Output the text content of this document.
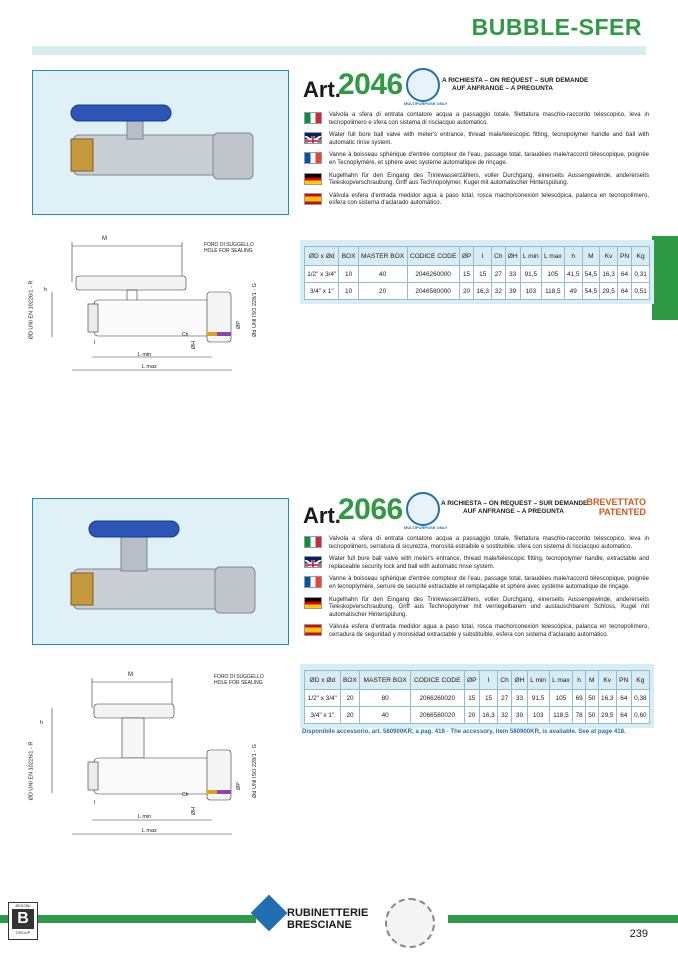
BUBBLE-SFER
Art.
2046
MULTIPURPOSE ONLY
A RICHIESTA – ON REQUEST – SUR DEMANDE
AUF ANFRANGE – A PREGUNTA
Valvola a sfera di entrata contatore acqua a passaggio totale, filettatura maschio-raccordo telescopico, leva in tecnopolimero e sfera con sistema di risciacquo automatico.
Water full bore ball valve with meter's entrance, thread male/telescopic fitting, tecnopolymer handle and ball with automatic rinse system.
Vanne à boisseau sphérique d'entrée compteur de l'eau, passage total, taraudées male/raccord télescopique, poignée en Tecnoplymère, et sphère avec système automatique de rinçage.
Kugelhahn für den Eingang des Trinkwasserzählers, voller Durchgang, einerseits Aussengewinde, andererseits Teleskopverschraubung, Griff aus Technopolymer, Kugel mit automatischer Hinterspülung.
Válvula esfera d'entrada medidor agua a paso total, rosca macho/conexión telescópica, palanca en tecnopolímero, esfera con sistema d'aclarado automático.
M
FORO DI SUGGELLO
HOLE FOR SEALING
h
ØD UNI EN 10226/1 - R	Ød UNI ISO 228/1 - G
ØP
ØH
Ch
I
L min
L max
ØD x Ød	BOX	MASTER BOX	CODICE CODE	ØP	I	Ch	ØH	L min	L max	h	M	Kv	PN	Kg
1/2" x 3/4"	10	40	2046260000	15	15	27	33	91,5	105	41,5	54,5	16,3	64	0,31
3/4" x 1"	10	20	2046580000	20	16,3	32	39	103	118,5	49	54,5	29,5	64	0,51
Art.
2066
MULTIPURPOSE ONLY
A RICHIESTA – ON REQUEST – SUR DEMANDE
AUF ANFRANGE – A PREGUNTA
BREVETTATO
PATENTED
Valvola a sfera di entrata contatore acqua a passaggio totale, filettatura maschio-raccordo telescopico, leva in tecnopolimero, serratura di sicurezza, morosità estraibile e sostituibile, sfera con sistema di risciacquo automatico.
Water full bore ball valve with meter's entrance, thread male/telescopic fitting, tecnopolymer handle, extractable and replaceable security lock and ball with automatic rinse system.
Vanne à boisseau sphérique d'entrée compteur de l'eau, passage total, taraudées male/raccord télescopique, poignée en tecnoplymère, serrure de securité extractable et remplaçable et sphère avec système automatique de rinçage.
Kugelhahn für den Eingang des Trinkwasserzählers, voller Durchgang, einerseits Aussengewinde, andererseits Teleskopverschraubung, Griff aus Technopolymer mit verriegelbarem und austauschbarem Schloss, Kugel mit automatischer Hinterspülung.
Válvula esfera d'entrada medidor agua a paso total, rosca macho/conexión telescópica, palanca en tecnopolímero, cerradura de seguridad y morosidad extractable y substituible, esfera con sistema d'aclarado automático.
M	FORO DI SUGGELLO
HOLE FOR SEALING
h
ØD UNI EN 10226/1 - R	Ød UNI ISO 228/1 - G
ØP
ØH
Ch
I
L min
L max
ØD x Ød	BOX	MASTER BOX	CODICE CODE	ØP	I	Ch	ØH	L min	L max	h	M	Kv	PN	Kg
1/2" x 3/4"	20	80	2066260020	15	15	27	33	91,5	105	69	50	16,3	64	0,38
3/4" x 1"	20	40	2066580020	20	16,3	32	39	103	118,5	78	50	29,5	64	0,60
Disponibile accessorio, art. 580900KR, a pag. 418 - The accessory, item 580900KR, is available. See at page 418.
BESONI
B
GROUP
RUBINETTERIE
BRESCIANE
239
